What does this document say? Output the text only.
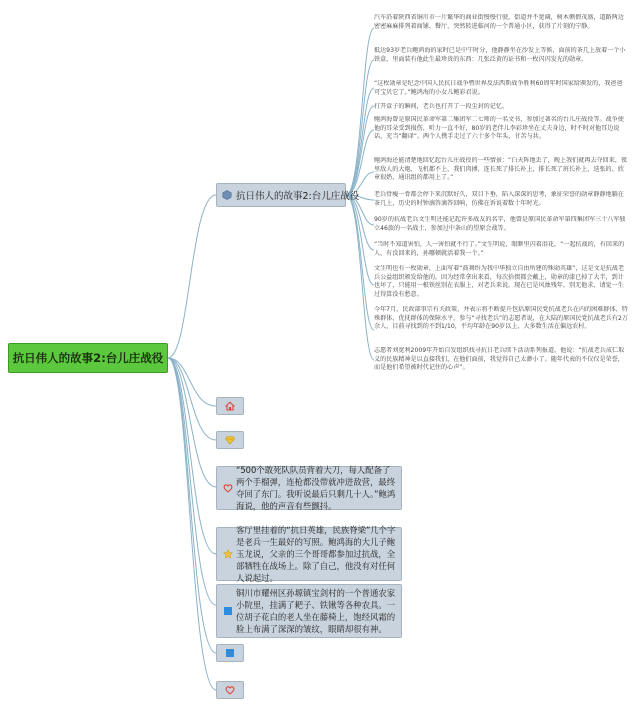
抗日伟人的故事2:台儿庄战役
抗日伟人的故事2:台儿庄战役
汽车沿着陕西省铜川市一片繁华的商业街慢慢行驶，街道并不宽阔，树木侧偎茂盛，道路两边密密麻麻排列着商铺、餐厅，突然转进临河的一个普通小区，获得了片刻的宁静。
抵达93岁老兵鲍鸿海的家时已是中午时分，他静静坐在沙发上等候，面前的茶几上放着一个小铁盒，里面装有他此生最珍贵的东西：几张泛黄的证书和一枚闪闪发光的勋章。
“这枚勋章是纪念中国人民抗日战争暨世界反法西斯战争胜利60周年时国家给颁发的，我爸爸可宝贝它了。”鲍鸿海的小女儿鲍彩君说。
打开盒子的瞬间，老兵也打开了一段尘封的记忆。
鲍鸿海曾是原国民革命军第二集团军二七师的一名文书，参加过著名的台儿庄战役等。战争使他的耳朵受到损伤，听力一直不好，80岁的老伴儿李彩珍坐在丈夫身边，时不时对他耳边说话，充当“翻译”。两个人携手走过了六十多个年头，甘苦与共。
鲍鸿海还能清楚地回忆起台儿庄战役的一些情景：“白天阵地丢了，晚上我们就再去夺回来，夜里敌人的大炮、飞机都不上，我们肉搏，连长死了排长补上，排长死了班长补上，迭张的、欣章很奶，通讯组的都用上了。”
老兵骨瘦一骨都会停下来沉默好久，双目下垂，陷入深深的思考，象征荣誉的勋章静静地躺在茶几上，历史的时钟滴答滴答回响，仿佛在诉说着数十年时光。
90岁的抗战老兵文生明还能记起许多战友的名字，他曾是原国民革命军第四集团军三十八军独立46旅的一名战士，参加过中条山的望原会战等。
“当时不知道害怕，人一害怕就不行了。”文生明说，眼眶里闪着泪花，“一起抗战的，有回来的人，有没回来的，孙哪顿就活着我一个。”
文生明也有一枚勋章，上面写着“鼓舞纷为我中华独立自由所建的殊勋英雄”，这是文是抗战老兵公益组织颁发给他的。因为经常拿出来看，每次拾掇都会戴上，勋章的漆已掉了大半，到计也坏了，只能用一根铁丝别在衣服上，对老兵来说，现在已是风烛残年，别无他求，请觉一生过得算没有愁意。
今年7月，民政部事宗有关政策，并表示将不断提升包括原国民党抗战老兵在内的困难群体、特殊群体、优抚群体的保障水平。参与“寻找老兵”的志愿者说，在大陆的原国民党抗战老兵有2万余人，目前寻找到的不到1/10，平均年龄在90岁以上，大多数生活在偏远农村。
志愿者刘宽利2009年开始自发组织找寻抗日老兵续下活动系列报道，他说：“抗战老兵成仁取义的民族精神是以直接我们，在他们面前，我觉得自己太渺小了。随年代表的不仅仅是荣誉，而是他们希望被时代记住的心声”。
“500个敢死队队员背着大刀，每人配备了两个手榴弹，连枪都没带就冲进敌营，最终夺回了东门。我听说最后只剩几十人。”鲍鸿海说，他的声音有些颤抖。
客厅里挂着的“抗日英雄，民族脊梁”几个字是老兵一生最好的写照。鲍鸿海的大儿子鲍玉龙说，父亲的三个哥哥都参加过抗战，全部牺牲在战场上。除了自己，他没有对任何人说起过。
铜川市耀州区孙塬镇宝剑村的一个普通农家小院里，挂满了耙子、铁锹等各种农具。一位胡子花白的老人坐在藤椅上，饱经风霜的脸上布满了深深的皱纹，眼睛却很有神。
